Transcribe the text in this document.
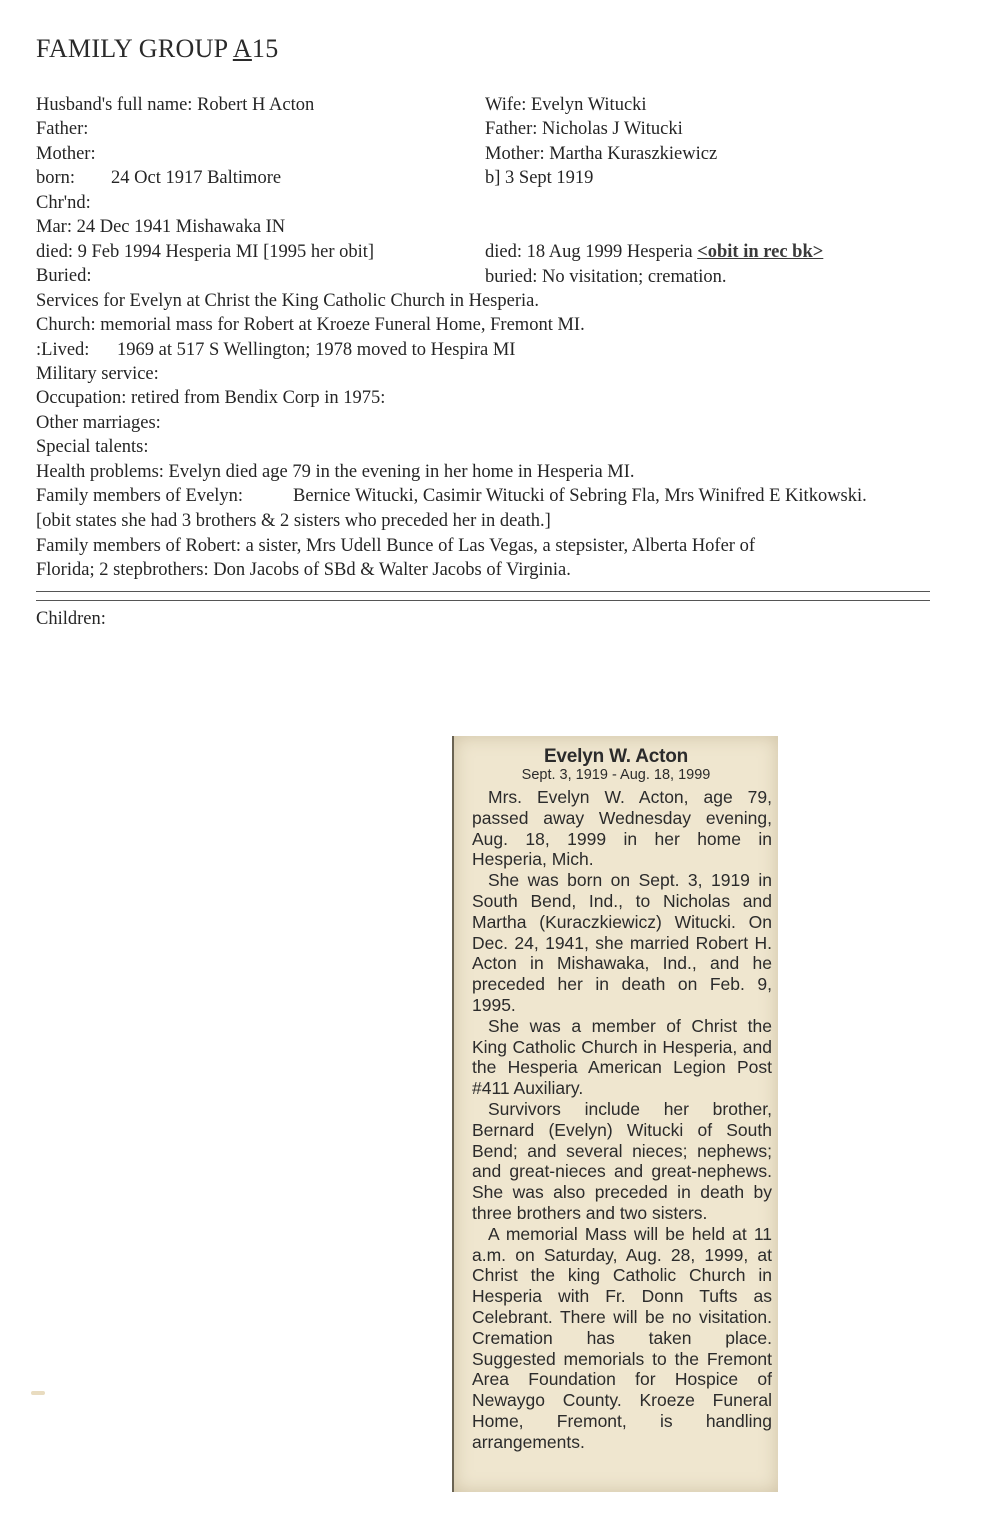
FAMILY GROUP A15
Husband's full name: Robert H Acton
Father:
Mother:
born: 24 Oct 1917 Baltimore
Chr'nd:
Mar: 24 Dec 1941 Mishawaka IN
died: 9 Feb 1994 Hesperia MI [1995 her obit]
Buried:
Wife: Evelyn Witucki
Father: Nicholas J Witucki
Mother: Martha Kuraszkiewicz
b] 3 Sept 1919
died: 18 Aug 1999 Hesperia <obit in rec bk>
buried: No visitation; cremation.
Services for Evelyn at Christ the King Catholic Church in Hesperia.
Church: memorial mass for Robert at Kroeze Funeral Home, Fremont MI.
:Lived: 1969 at 517 S Wellington; 1978 moved to Hespira MI
Military service:
Occupation: retired from Bendix Corp in 1975:
Other marriages:
Special talents:
Health problems: Evelyn died age 79 in the evening in her home in Hesperia MI.
Family members of Evelyn:	Bernice Witucki, Casimir Witucki of Sebring Fla, Mrs Winifred E Kitkowski.
[obit states she had 3 brothers & 2 sisters who preceded her in death.]
Family members of Robert: a sister, Mrs Udell Bunce of Las Vegas, a stepsister, Alberta Hofer of
Florida; 2 stepbrothers: Don Jacobs of SBd & Walter Jacobs of Virginia.
Children:
Evelyn W. Acton
Sept. 3, 1919 - Aug. 18, 1999

Mrs. Evelyn W. Acton, age 79, passed away Wednesday evening, Aug. 18, 1999 in her home in Hesperia, Mich.

She was born on Sept. 3, 1919 in South Bend, Ind., to Nicholas and Martha (Kuraczkiewicz) Witucki. On Dec. 24, 1941, she married Robert H. Acton in Mishawaka, Ind., and he preceded her in death on Feb. 9, 1995.

She was a member of Christ the King Catholic Church in Hesperia, and the Hesperia American Legion Post #411 Auxiliary.

Survivors include her brother, Bernard (Evelyn) Witucki of South Bend; and several nieces; nephews; and great-nieces and great-nephews. She was also preceded in death by three brothers and two sisters.

A memorial Mass will be held at 11 a.m. on Saturday, Aug. 28, 1999, at Christ the king Catholic Church in Hesperia with Fr. Donn Tufts as Celebrant. There will be no visitation. Cremation has taken place. Suggested memorials to the Fremont Area Foundation for Hospice of Newaygo County. Kroeze Funeral Home, Fremont, is handling arrangements.
